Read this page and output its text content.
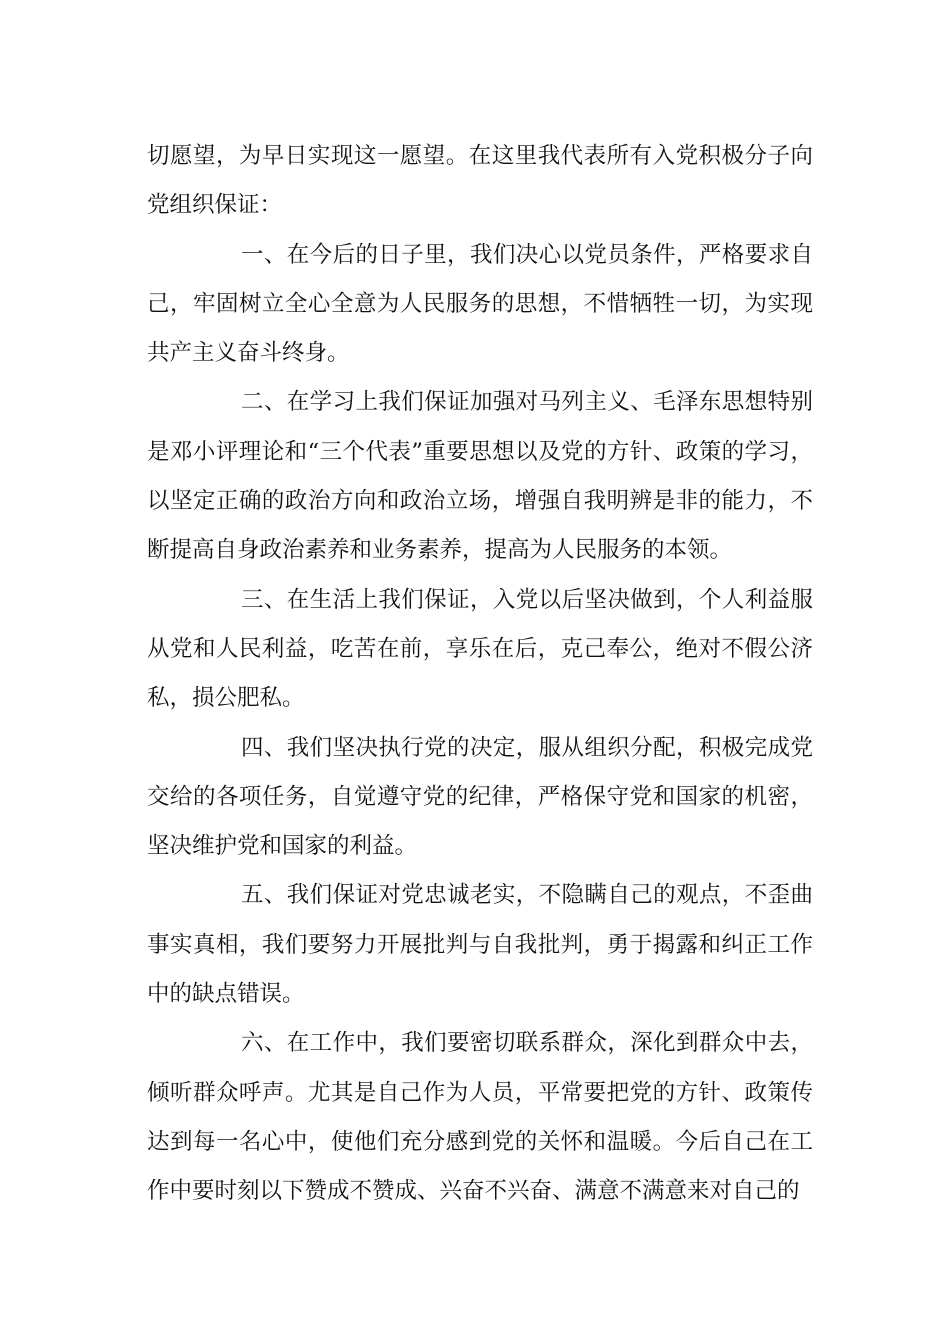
切愿望，为早日实现这一愿望。在这里我代表所有入党积极分子向党组织保证：

一、在今后的日子里，我们决心以党员条件，严格要求自己，牢固树立全心全意为人民服务的思想，不惜牺牲一切，为实现共产主义奋斗终身。

二、在学习上我们保证加强对马列主义、毛泽东思想特别是邓小评理论和“三个代表”重要思想以及党的方针、政策的学习，以坚定正确的政治方向和政治立场，增强自我明辨是非的能力，不断提高自身政治素养和业务素养，提高为人民服务的本领。

三、在生活上我们保证，入党以后坚决做到，个人利益服从党和人民利益，吃苦在前，享乐在后，克己奉公，绝对不假公济私，损公肥私。

四、我们坚决执行党的决定，服从组织分配，积极完成党交给的各项任务，自觉遵守党的纪律，严格保守党和国家的机密，坚决维护党和国家的利益。

五、我们保证对党忠诚老实，不隐瞒自己的观点，不歪曲事实真相，我们要努力开展批判与自我批判，勇于揭露和纠正工作中的缺点错误。

六、在工作中，我们要密切联系群众，深化到群众中去，倾听群众呼声。尤其是自己作为人员，平常要把党的方针、政策传达到每一名心中，使他们充分感到党的关怀和温暖。今后自己在工作中要时刻以下赞成不赞成、兴奋不兴奋、满意不满意来对自己的
